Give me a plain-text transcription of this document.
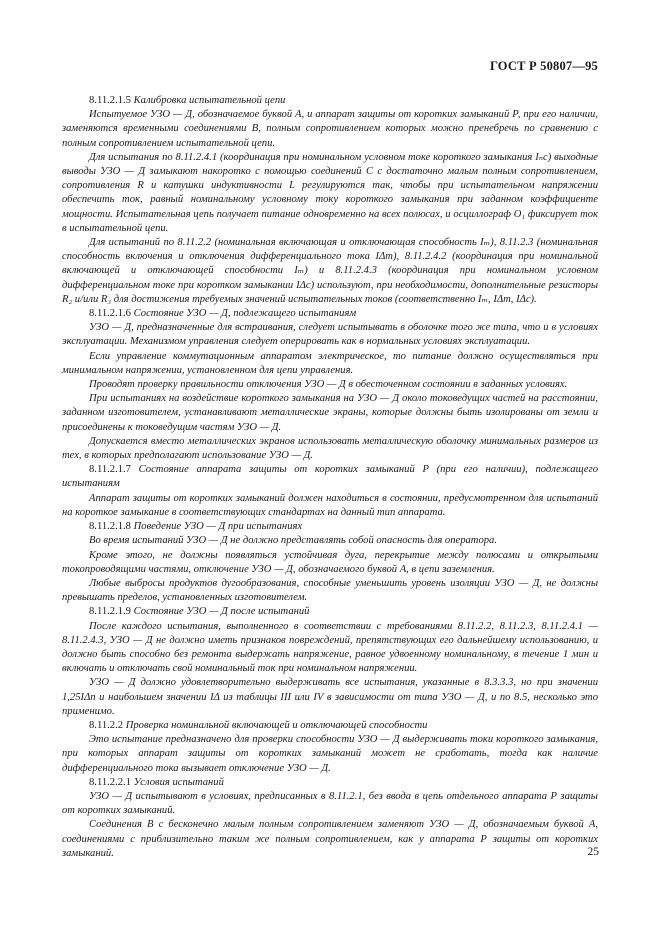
ГОСТ Р 50807—95

8.11.2.1.5 Калибровка испытательной цепи

Испытуемое УЗО — Д, обозначаемое буквой А, и аппарат защиты от коротких замыканий Р, при его наличии, заменяются временными соединениями В, полным сопротивлением которых можно пренебречь по сравнению с полным сопротивлением испытательной цепи.

Для испытания по 8.11.2.4.1 (координация при номинальном условном токе короткого замыкания Iₙc) выходные выводы УЗО — Д замыкают накоротко с помощью соединений С с достаточно малым полным сопротивлением, сопротивления R и катушки индуктивности L регулируются так, чтобы при испытательном напряжении обеспечить ток, равный номинальному условному току короткого замыкания при заданном коэффициенте мощности. Испытательная цепь получает питание одновременно на всех полюсах, и осциллограф O₁ фиксирует ток в испытательной цепи.

Для испытаний по 8.11.2.2 (номинальная включающая и отключающая способность Iₘ), 8.11.2.3 (номинальная способность включения и отключения дифференциального тока IΔm), 8.11.2.4.2 (координация при номинальной включающей и отключающей способности Iₘ) и 8.11.2.4.3 (координация при номинальном условном дифференциальном токе при коротком замыкании IΔc) используют, при необходимости, дополнительные резисторы R₂ и/или R₃ для достижения требуемых значений испытательных токов (соответственно Iₘ, IΔm, IΔc).

8.11.2.1.6 Состояние УЗО — Д, подлежащего испытаниям

УЗО — Д, предназначенные для встраивания, следует испытывать в оболочке того же типа, что и в условиях эксплуатации. Механизмом управления следует оперировать как в нормальных условиях эксплуатации.

Если управление коммутационным аппаратом электрическое, то питание должно осуществляться при минимальном напряжении, установленном для цепи управления.

Проводят проверку правильности отключения УЗО — Д в обесточенном состоянии в заданных условиях.

При испытаниях на воздействие короткого замыкания на УЗО — Д около токоведущих частей на расстоянии, заданном изготовителем, устанавливают металлические экраны, которые должны быть изолированы от земли и присоединены к токоведущим частям УЗО — Д.

Допускается вместо металлических экранов использовать металлическую оболочку минимальных размеров из тех, в которых предполагают использование УЗО — Д.

8.11.2.1.7 Состояние аппарата защиты от коротких замыканий Р (при его наличии), подлежащего испытаниям

Аппарат защиты от коротких замыканий должен находиться в состоянии, предусмотренном для испытаний на короткое замыкание в соответствующих стандартах на данный тип аппарата.

8.11.2.1.8 Поведение УЗО — Д при испытаниях

Во время испытаний УЗО — Д не должно представлять собой опасность для оператора.

Кроме этого, не должны появляться устойчивая дуга, перекрытие между полюсами и открытыми токопроводящими частями, отключение УЗО — Д, обозначаемого буквой А, в цепи заземления.

Любые выбросы продуктов дугообразования, способные уменьшить уровень изоляции УЗО — Д, не должны превышать пределов, установленных изготовителем.

8.11.2.1.9 Состояние УЗО — Д после испытаний

После каждого испытания, выполненного в соответствии с требованиями 8.11.2.2, 8.11.2.3, 8.11.2.4.1 — 8.11.2.4.3, УЗО — Д не должно иметь признаков повреждений, препятствующих его дальнейшему использованию, и должно быть способно без ремонта выдержать напряжение, равное удвоенному номинальному, в течение 1 мин и включать и отключать свой номинальный ток при номинальном напряжении.

УЗО — Д должно удовлетворительно выдерживать все испытания, указанные в 8.3.3.3, но при значении 1,25IΔn и наибольшем значении IΔ из таблицы III или IV в зависимости от типа УЗО — Д, и по 8.5, несколько это применимо.

8.11.2.2 Проверка номинальной включающей и отключающей способности

Это испытание предназначено для проверки способности УЗО — Д выдерживать токи короткого замыкания, при которых аппарат защиты от коротких замыканий может не сработать, тогда как наличие дифференциального тока вызывает отключение УЗО — Д.

8.11.2.2.1 Условия испытаний

УЗО — Д испытывают в условиях, предписанных в 8.11.2.1, без ввода в цепь отдельного аппарата Р защиты от коротких замыканий.

Соединения В с бесконечно малым полным сопротивлением заменяют УЗО — Д, обозначаемым буквой А, соединениями с приблизительно таким же полным сопротивлением, как у аппарата Р защиты от коротких замыканий.	25
